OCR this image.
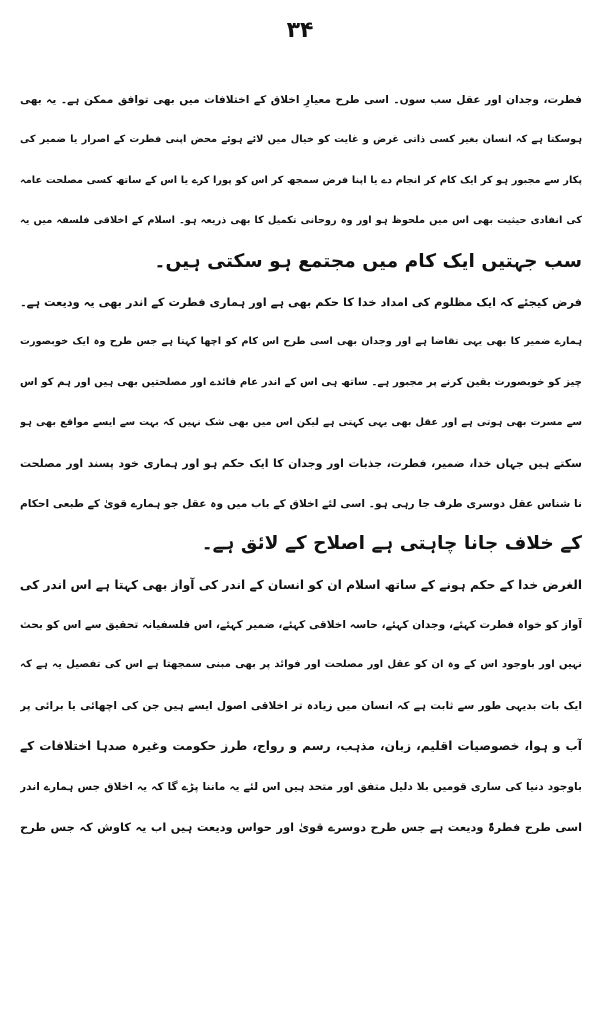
۳۴
فطرت، وجدان اور عقل سب سوں۔ اسی طرح معیارِ اخلاق کے اختلافات میں بھی توافق ممکن ہے۔ یہ بھی
ہوسکتا ہے کہ انسان بغیر کسی ذاتی غرض و غایت کو خیال میں لائے ہوئے محض اپنی فطرت کے اصرار یا ضمیر کی
پکار سے مجبور ہو کر ایک کام کر انجام دے یا اپنا فرض سمجھ کر اس کو پورا کرے یا اس کے ساتھ کسی مصلحت عامہ
کی انفادی حیثیت بھی اس میں ملحوظ ہو اور وہ روحانی تکمیل کا بھی ذریعہ ہو۔ اسلام کے اخلاقی فلسفہ میں یہ
سب جہتیں ایک کام میں مجتمع ہو سکتی ہیں۔
فرض کیجئے کہ ایک مظلوم کی امداد خدا کا حکم بھی ہے اور ہماری فطرت کے اندر بھی یہ ودیعت ہے۔
ہمارے ضمیر کا بھی یہی تقاضا ہے اور وجدان بھی اسی طرح اس کام کو اچھا کہتا ہے جس طرح وہ ایک خوبصورت
چیز کو خوبصورت یقین کرنے پر مجبور ہے۔ ساتھ ہی اس کے اندر عام فائدے اور مصلحتیں بھی ہیں اور ہم کو اس
سے مسرت بھی ہوتی ہے اور عقل بھی یہی کہتی ہے لیکن اس میں بھی شک نہیں کہ بہت سے ایسے مواقع بھی ہو
سکتے ہیں جہاں خدا، ضمیر، فطرت، جذبات اور وجدان کا ایک حکم ہو اور ہماری خود پسند اور مصلحت
نا شناس عقل دوسری طرف جا رہی ہو۔ اسی لئے اخلاق کے باب میں وہ عقل جو ہمارے قویٰ کے طبعی احکام
کے خلاف جانا چاہتی ہے اصلاح کے لائق ہے۔
الغرض خدا کے حکم ہونے کے ساتھ اسلام ان کو انسان کے اندر کی آواز بھی کہتا ہے اس اندر کی
آواز کو خواہ فطرت کہئے، وجدان کہئے، حاسہ اخلاقی کہئے، ضمیر کہئے، اس فلسفیانہ تحقیق سے اس کو بحث
نہیں اور باوجود اس کے وہ ان کو عقل اور مصلحت اور فوائد پر بھی مبنی سمجھتا ہے اس کی تفصیل یہ ہے کہ
ایک بات بدیہی طور سے ثابت ہے کہ انسان میں زیادہ تر اخلاقی اصول ایسے ہیں جن کی اچھائی یا برائی پر
آب و ہوا، خصوصیات اقلیم، زبان، مذہب، رسم و رواج، طرز حکومت وغیرہ صدہا اختلافات کے
باوجود دنیا کی ساری قومیں بلا دلیل متفق اور متحد ہیں اس لئے یہ ماننا پڑے گا کہ یہ اخلاق جس ہمارے اندر
اسی طرح فطرۃً ودیعت ہے جس طرح دوسرے قویٰ اور حواس ودیعت ہیں اب یہ کاوش کہ جس طرح
